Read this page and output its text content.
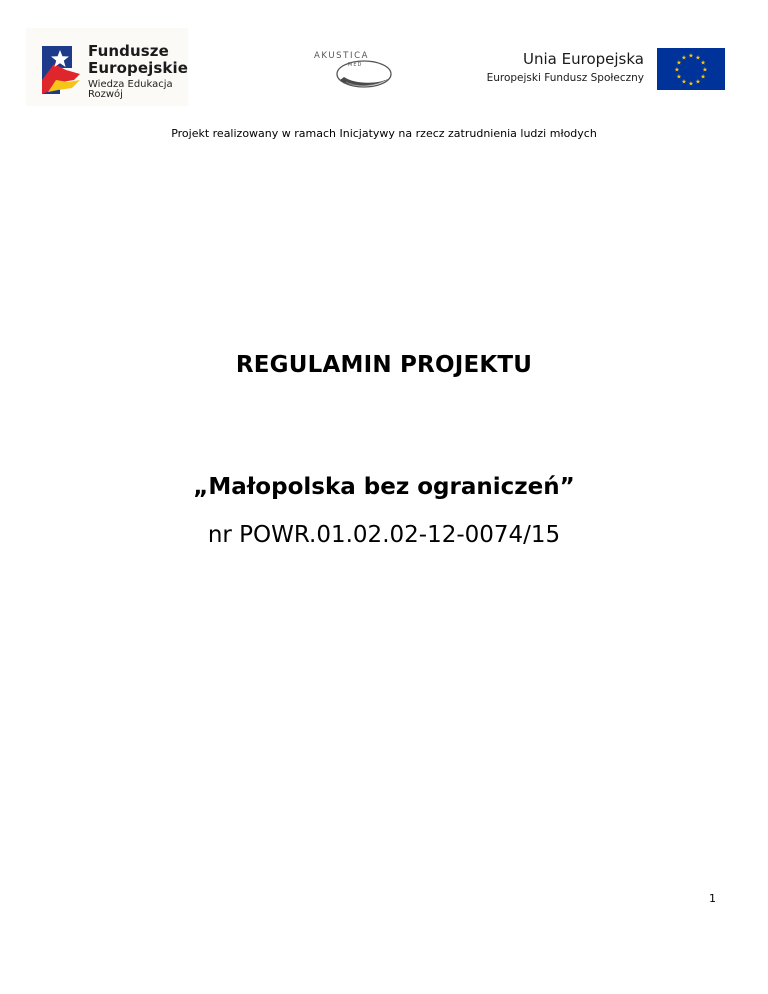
Fundusze
Europejskie
Wiedza Edukacja Rozwój
AKUSTICA
MED	Unia Europejska
Europejski Fundusz Społeczny
★ ★
★
★
★
★
★
★
★
★
★
★
Projekt realizowany w ramach Inicjatywy na rzecz zatrudnienia ludzi młodych
REGULAMIN PROJEKTU
„Małopolska bez ograniczeń”
nr POWR.01.02.02-12-0074/15
1
